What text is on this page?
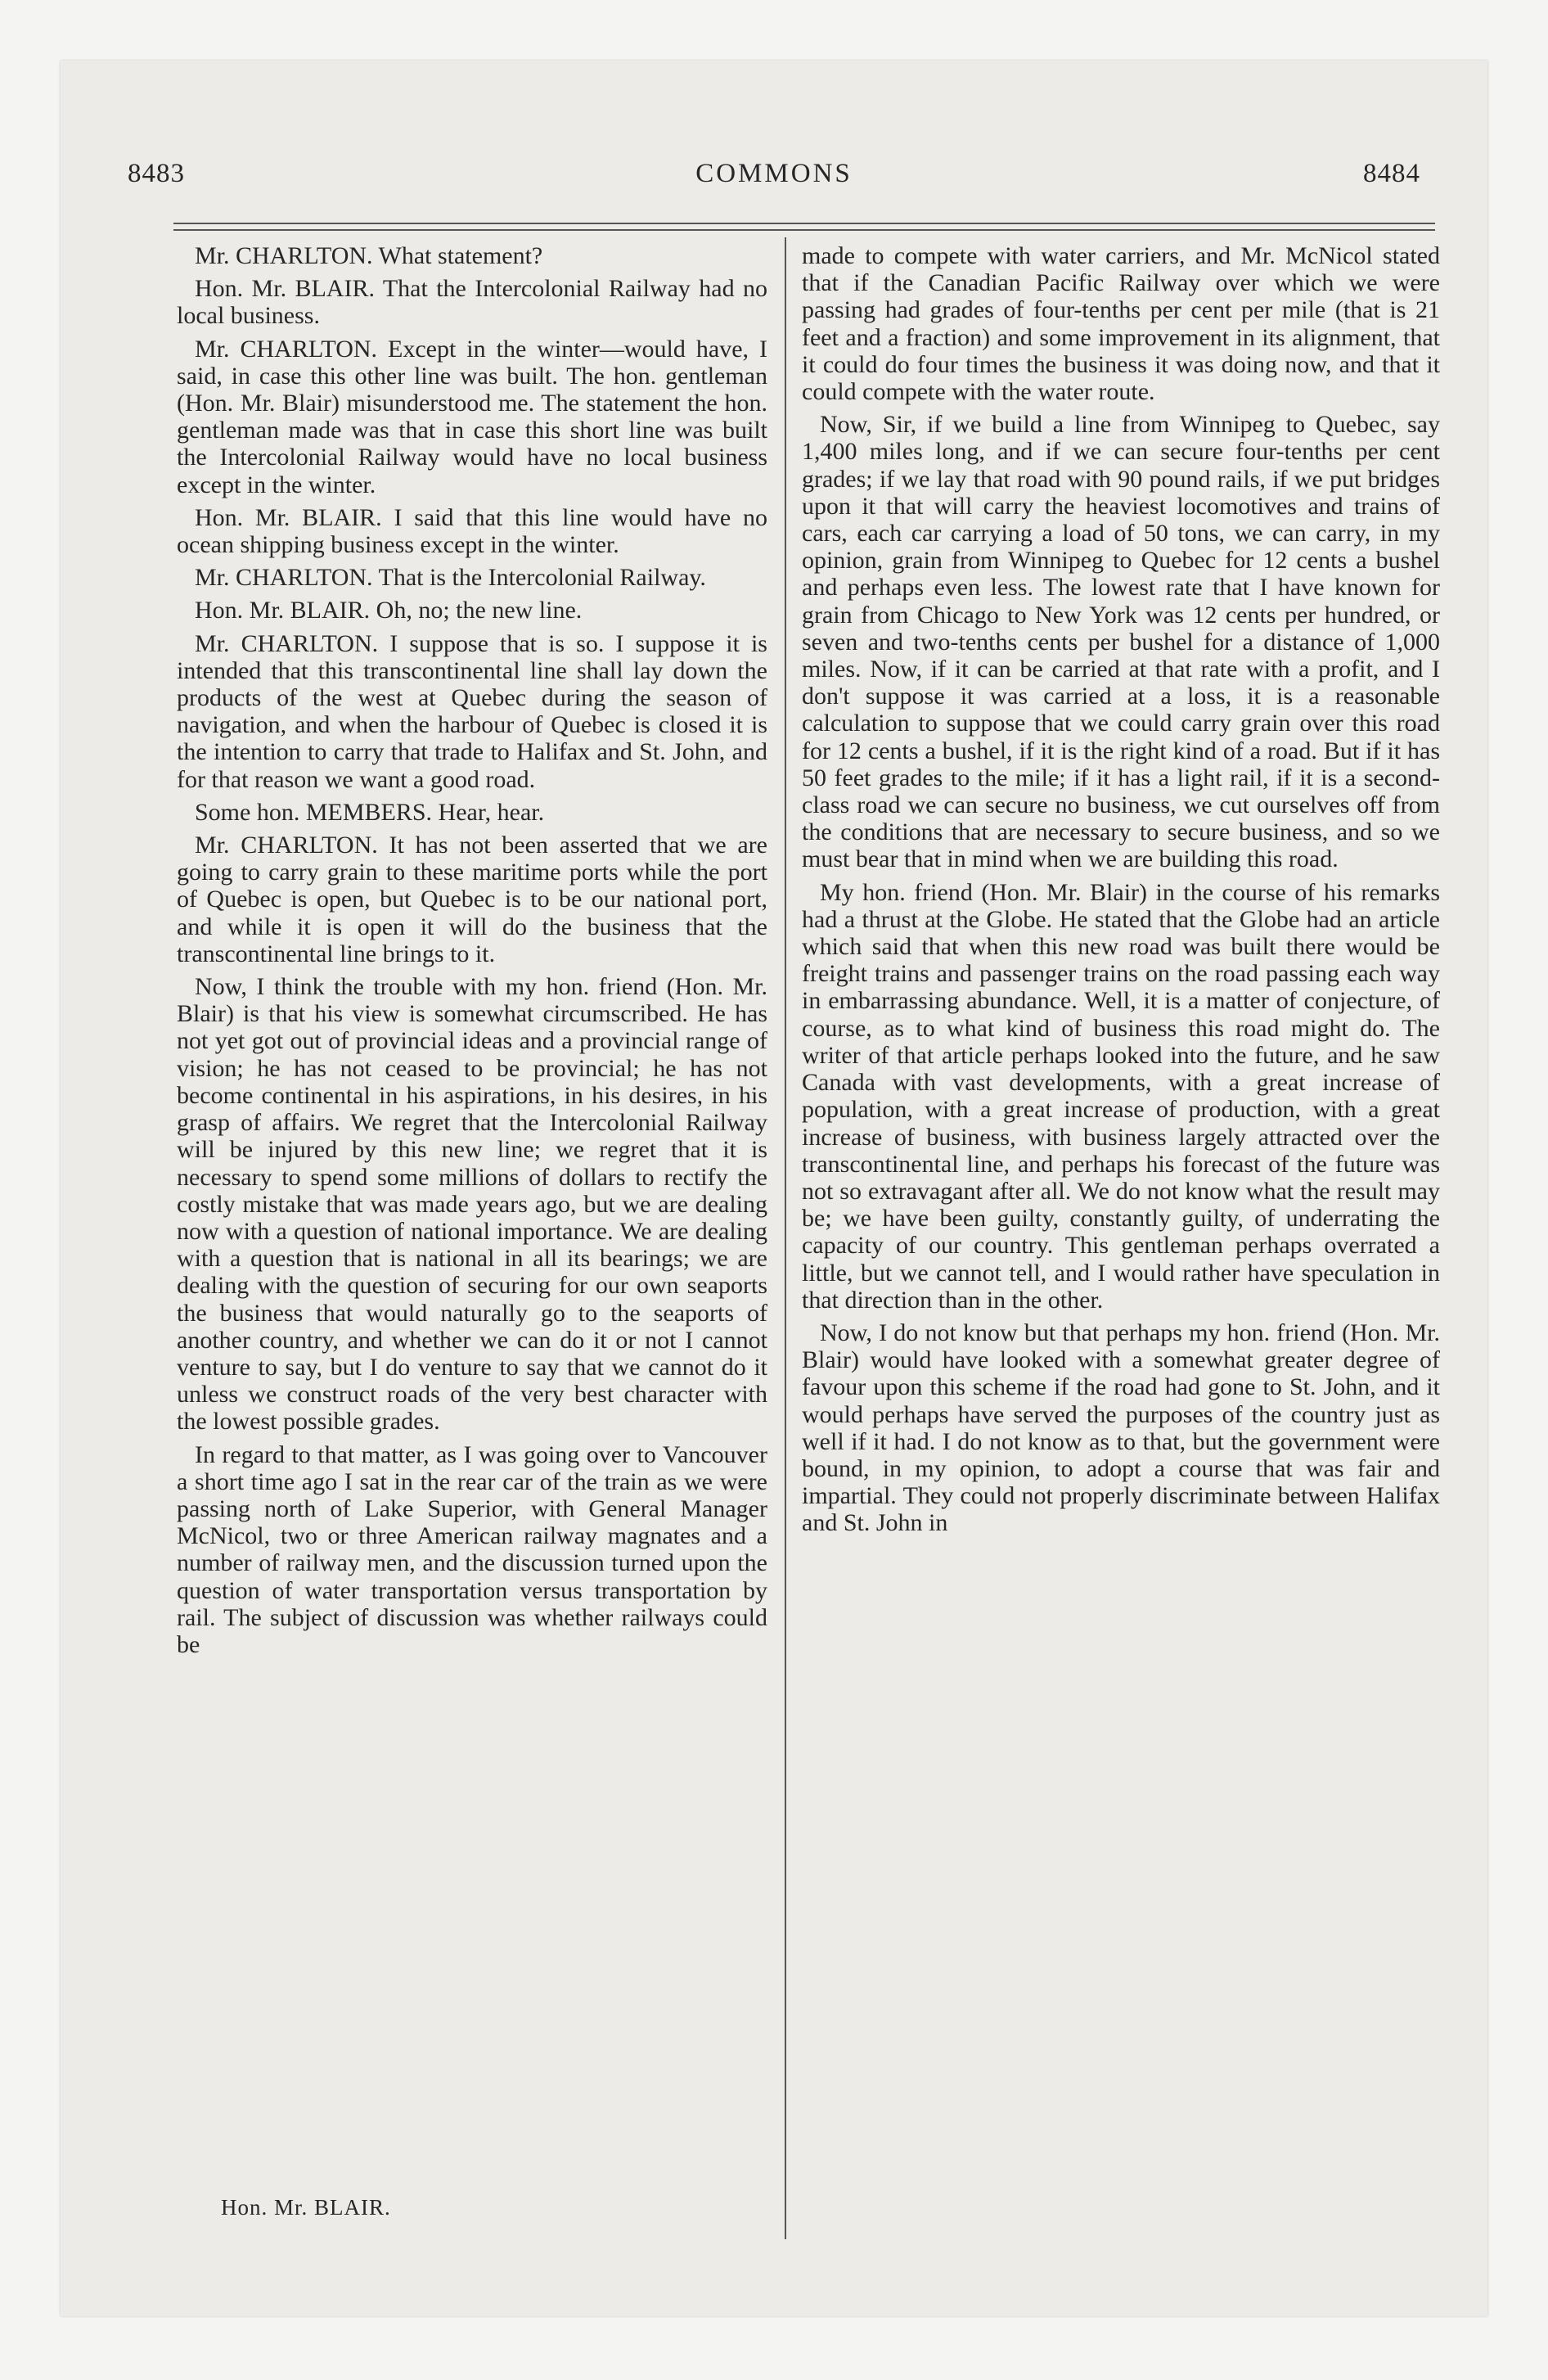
8483	COMMONS	8484

Mr. CHARLTON. What statement?

Hon. Mr. BLAIR. That the Intercolonial Railway had no local business.

Mr. CHARLTON. Except in the winter—would have, I said, in case this other line was built. The hon. gentleman (Hon. Mr. Blair) misunderstood me. The statement the hon. gentleman made was that in case this short line was built the Intercolonial Railway would have no local business except in the winter.

Hon. Mr. BLAIR. I said that this line would have no ocean shipping business except in the winter.

Mr. CHARLTON. That is the Intercolonial Railway.

Hon. Mr. BLAIR. Oh, no; the new line.

Mr. CHARLTON. I suppose that is so. I suppose it is intended that this transcontinental line shall lay down the products of the west at Quebec during the season of navigation, and when the harbour of Quebec is closed it is the intention to carry that trade to Halifax and St. John, and for that reason we want a good road.

Some hon. MEMBERS. Hear, hear.

Mr. CHARLTON. It has not been asserted that we are going to carry grain to these maritime ports while the port of Quebec is open, but Quebec is to be our national port, and while it is open it will do the business that the transcontinental line brings to it.

Now, I think the trouble with my hon. friend (Hon. Mr. Blair) is that his view is somewhat circumscribed. He has not yet got out of provincial ideas and a provincial range of vision; he has not ceased to be provincial; he has not become continental in his aspirations, in his desires, in his grasp of affairs. We regret that the Intercolonial Railway will be injured by this new line; we regret that it is necessary to spend some millions of dollars to rectify the costly mistake that was made years ago, but we are dealing now with a question of national importance. We are dealing with a question that is national in all its bearings; we are dealing with the question of securing for our own seaports the business that would naturally go to the seaports of another country, and whether we can do it or not I cannot venture to say, but I do venture to say that we cannot do it unless we construct roads of the very best character with the lowest possible grades.

In regard to that matter, as I was going over to Vancouver a short time ago I sat in the rear car of the train as we were passing north of Lake Superior, with General Manager McNicol, two or three American railway magnates and a number of railway men, and the discussion turned upon the question of water transportation versus transportation by rail. The subject of discussion was whether railways could be

made to compete with water carriers, and Mr. McNicol stated that if the Canadian Pacific Railway over which we were passing had grades of four-tenths per cent per mile (that is 21 feet and a fraction) and some improvement in its alignment, that it could do four times the business it was doing now, and that it could compete with the water route.

Now, Sir, if we build a line from Winnipeg to Quebec, say 1,400 miles long, and if we can secure four-tenths per cent grades; if we lay that road with 90 pound rails, if we put bridges upon it that will carry the heaviest locomotives and trains of cars, each car carrying a load of 50 tons, we can carry, in my opinion, grain from Winnipeg to Quebec for 12 cents a bushel and perhaps even less. The lowest rate that I have known for grain from Chicago to New York was 12 cents per hundred, or seven and two-tenths cents per bushel for a distance of 1,000 miles. Now, if it can be carried at that rate with a profit, and I don't suppose it was carried at a loss, it is a reasonable calculation to suppose that we could carry grain over this road for 12 cents a bushel, if it is the right kind of a road. But if it has 50 feet grades to the mile; if it has a light rail, if it is a second-class road we can secure no business, we cut ourselves off from the conditions that are necessary to secure business, and so we must bear that in mind when we are building this road.

My hon. friend (Hon. Mr. Blair) in the course of his remarks had a thrust at the Globe. He stated that the Globe had an article which said that when this new road was built there would be freight trains and passenger trains on the road passing each way in embarrassing abundance. Well, it is a matter of conjecture, of course, as to what kind of business this road might do. The writer of that article perhaps looked into the future, and he saw Canada with vast developments, with a great increase of population, with a great increase of production, with a great increase of business, with business largely attracted over the transcontinental line, and perhaps his forecast of the future was not so extravagant after all. We do not know what the result may be; we have been guilty, constantly guilty, of underrating the capacity of our country. This gentleman perhaps overrated a little, but we cannot tell, and I would rather have speculation in that direction than in the other.

Now, I do not know but that perhaps my hon. friend (Hon. Mr. Blair) would have looked with a somewhat greater degree of favour upon this scheme if the road had gone to St. John, and it would perhaps have served the purposes of the country just as well if it had. I do not know as to that, but the government were bound, in my opinion, to adopt a course that was fair and impartial. They could not properly discriminate between Halifax and St. John in

Hon. Mr. BLAIR.
